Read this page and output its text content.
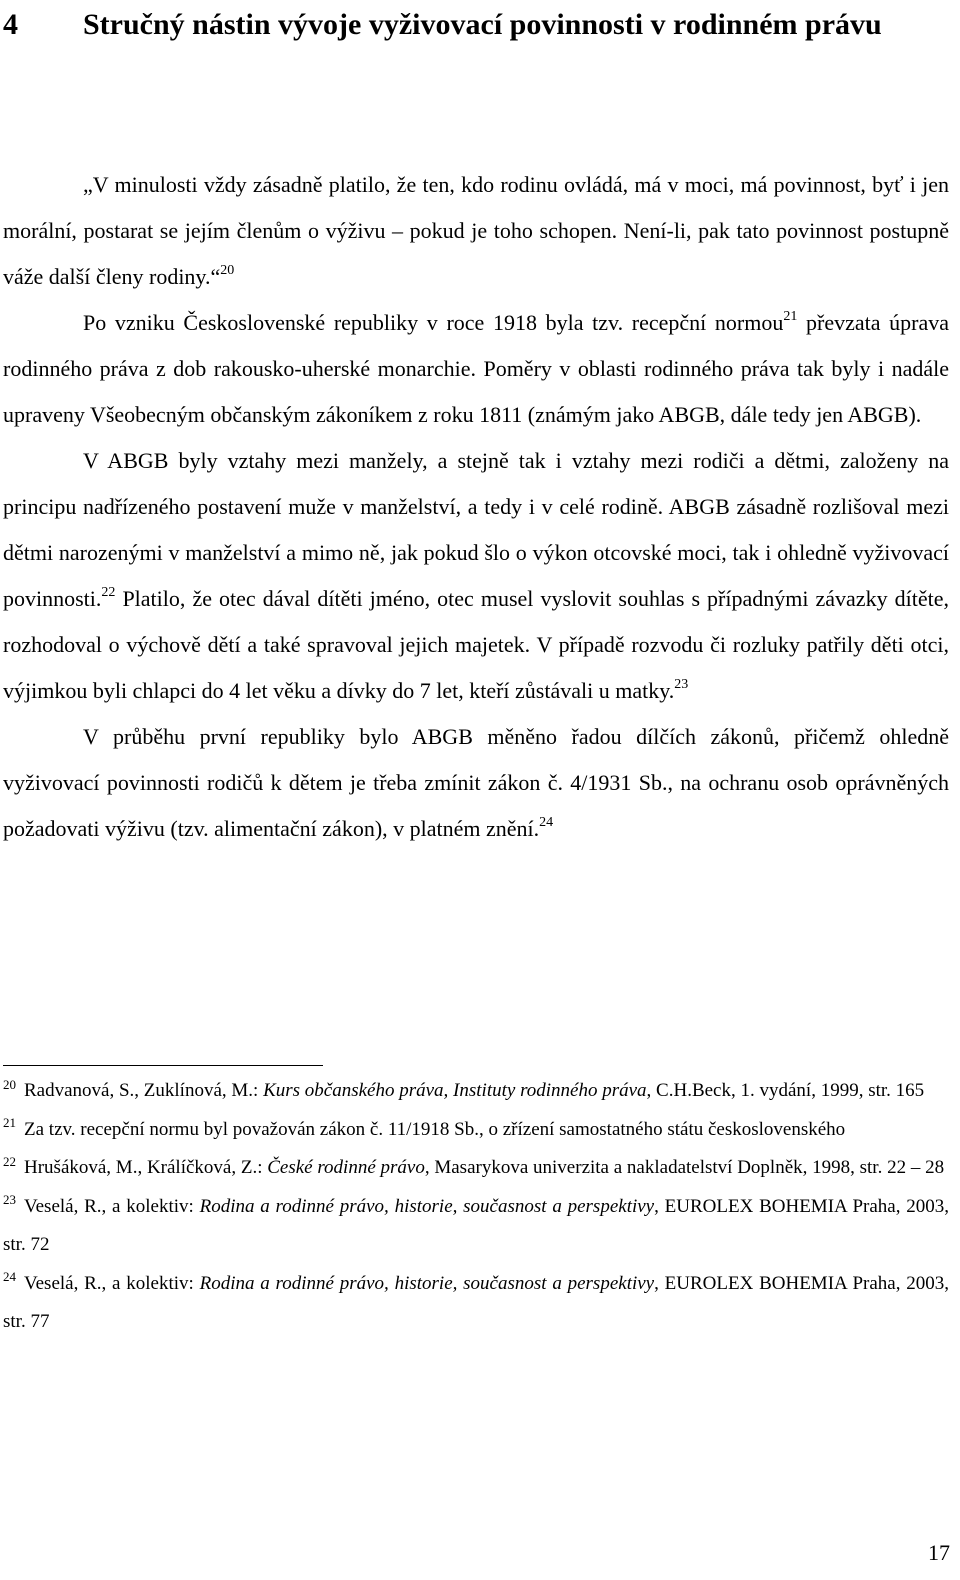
4 Stručný nástin vývoje vyživovací povinnosti v rodinném právu

„V minulosti vždy zásadně platilo, že ten, kdo rodinu ovládá, má v moci, má povinnost, byť i jen morální, postarat se jejím členům o výživu – pokud je toho schopen. Není-li, pak tato povinnost postupně váže další členy rodiny.“$^{20}$

Po vzniku Československé republiky v roce 1918 byla tzv. recepční normou$^{21}$ převzata úprava rodinného práva z dob rakousko-uherské monarchie. Poměry v oblasti rodinného práva tak byly i nadále upraveny Všeobecným občanským zákoníkem z roku 1811 (známým jako ABGB, dále tedy jen ABGB).

V ABGB byly vztahy mezi manžely, a stejně tak i vztahy mezi rodiči a dětmi, založeny na principu nadřízeného postavení muže v manželství, a tedy i v celé rodině. ABGB zásadně rozlišoval mezi dětmi narozenými v manželství a mimo ně, jak pokud šlo o výkon otcovské moci, tak i ohledně vyživovací povinnosti.$^{22}$ Platilo, že otec dával dítěti jméno, otec musel vyslovit souhlas s případnými závazky dítěte, rozhodoval o výchově dětí a také spravoval jejich majetek. V případě rozvodu či rozluky patřily děti otci, výjimkou byli chlapci do 4 let věku a dívky do 7 let, kteří zůstávali u matky.$^{23}$

V průběhu první republiky bylo ABGB měněno řadou dílčích zákonů, přičemž ohledně vyživovací povinnosti rodičů k dětem je třeba zmínit zákon č. 4/1931 Sb., na ochranu osob oprávněných požadovati výživu (tzv. alimentační zákon), v platném znění.$^{24}$

$^{20}$ Radvanová, S., Zuklínová, M.: Kurs občanského práva, Instituty rodinného práva, C.H.Beck, 1. vydání, 1999, str. 165

$^{21}$ Za tzv. recepční normu byl považován zákon č. 11/1918 Sb., o zřízení samostatného státu československého

$^{22}$ Hrušáková, M., Králíčková, Z.: České rodinné právo, Masarykova univerzita a nakladatelství Doplněk, 1998, str. 22 – 28

$^{23}$ Veselá, R., a kolektiv: Rodina a rodinné právo, historie, současnost a perspektivy, EUROLEX BOHEMIA Praha, 2003, str. 72

$^{24}$ Veselá, R., a kolektiv: Rodina a rodinné právo, historie, současnost a perspektivy, EUROLEX BOHEMIA Praha, 2003, str. 77

17
